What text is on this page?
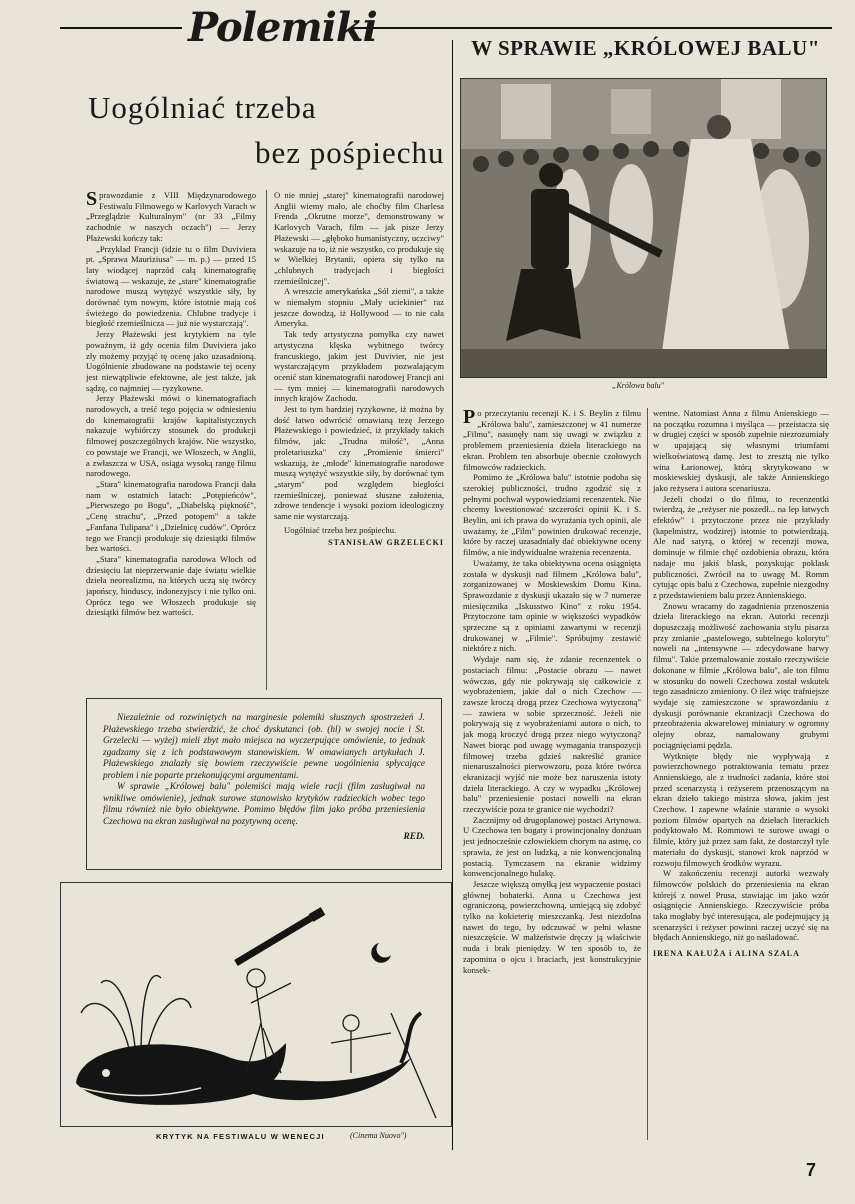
Polemiki	W SPRAWIE „KRÓLOWEJ BALU"
Uogólniać trzeba
bez pośpiechu

Sprawozdanie z VIII Międzynarodowego Festiwalu Filmowego w Karlovych Varach w „Przeglądzie Kulturalnym" (nr 33 „Filmy zachodnie w naszych oczach") — Jerzy Płażewski kończy tak:

„Przykład Francji (idzie tu o film Duviviera pt. „Sprawa Mauriziusa" — m. p.) — przed 15 laty wiodącej naprzód całą kinematografię światową — wskazuje, że „stare" kinematografie narodowe muszą wytężyć wszystkie siły, by dorównać tym nowym, które istotnie mają coś świeżego do powiedzenia. Chlubne tradycje i biegłość rzemieślnicza — już nie wystarczają".

Jerzy Płażewski jest krytykiem na tyle poważnym, iż gdy ocenia film Duviviera jako zły możemy przyjąć tę ocenę jako uzasadnioną. Uogólnienie zbudowane na podstawie tej oceny jest niewątpliwie efektowne, ale jest także, jak sądzę, co najmniej — ryzykowne.

Jerzy Płażewski mówi o kinematografiach narodowych, a treść tego pojęcia w odniesieniu do kinematografii krajów kapitalistycznych nakazuje wybiórczy stosunek do produkcji filmowej poszczególnych krajów. Nie wszystko, co powstaje we Francji, we Włoszech, w Anglii, a zwłaszcza w USA, osiąga wysoką rangę filmu narodowego.

„Stara" kinematografia narodowa Francji dała nam w ostatnich latach: „Potępieńców", „Pierwszego po Bogu", „Diabelską piękność", „Cenę strachu", „Przed potopem" a także „Fanfana Tulipana" i „Dzielnicę cudów". Oprócz tego we Francji produkuje się dziesiątki filmów bez wartości.

„Stara" kinematografia narodowa Włoch od dziesięciu lat nieprzerwanie daje światu wielkie dzieła neorealizmu, na których uczą się twórcy japońscy, hinduscy, indonezyjscy i nie tylko oni. Oprócz tego we Włoszech produkuje się dziesiątki filmów bez wartości.

O nie mniej „starej" kinematografii narodowej Anglii wiemy mało, ale choćby film Charlesa Frenda „Okrutne morze", demonstrowany w Karlovych Varach, film — jak pisze Jerzy Płażewski — „głęboko humanistyczny, uczciwy" wskazuje na to, iż nie wszystko, co produkuje się w Wielkiej Brytanii, opiera się tylko na „chlubnych tradycjach i biegłości rzemieślniczej".

A wreszcie amerykańska „Sól ziemi", a także w niemałym stopniu „Mały uciekinier" raz jeszcze dowodzą, iż Hollywood — to nie cała Ameryka.

Tak tedy artystyczna pomyłka czy nawet artystyczna klęska wybitnego twórcy francuskiego, jakim jest Duvivier, nie jest wystarczającym przykładem pozwalającym ocenić stan kinematografii narodowej Francji ani — tym mniej — kinematografii narodowych innych krajów Zachodu.

Jest to tym bardziej ryzykowne, iż można by dość łatwo odwrócić omawianą tezę Jerzego Płażewskiego i powiedzieć, iż przykłady takich filmów, jak: „Trudna miłość", „Anna proletariuszka" czy „Promienie śmierci" wskazują, że „młode" kinematografie narodowe muszą wytężyć wszystkie siły, by dorównać tym „starym" pod względem biegłości rzemieślniczej, ponieważ słuszne założenia, zdrowe tendencje i wysoki poziom ideologiczny same nie wystarczają.

Uogólniać trzeba bez pośpiechu.

STANISŁAW GRZELECKI
„Królowa balu"

Po przeczytaniu recenzji K. i S. Beylin z filmu „Królowa balu", zamieszczonej w 41 numerze „Filmu", nasunęły nam się uwagi w związku z problemem przeniesienia dzieła literackiego na ekran. Problem ten absorbuje obecnie czołowych filmowców radzieckich.

Pomimo że „Królowa balu" istotnie podoba się szerokiej publiczności, trudno zgodzić się z pełnymi pochwał wypowiedziami recenzentek. Nie chcemy kwestionować szczerości opinii K. i S. Beylin, ani ich prawa do wyrażania tych opinii, ale uważamy, że „Film" powinien drukować recenzje, które by raczej uzasadniały dać obiektywne oceny filmów, a nie indywidualne wrażenia recenzenta.

Uważamy, że taka obiektywna ocena osiągnięta została w dyskusji nad filmem „Królowa balu", zorganizowanej w Moskiewskim Domu Kina. Sprawozdanie z dyskusji ukazało się w 7 numerze miesięcznika „Iskusstwo Kino" z roku 1954. Przytoczone tam opinie w większości wypadków sprzeczne są z opiniami zawartymi w recenzji drukowanej w „Filmie". Spróbujmy zestawić niektóre z nich.

Wydaje nam się, że zdanie recenzentek o postaciach filmu: „Postacie obrazu — nawet wówczas, gdy nie pokrywają się całkowicie z wyobrażeniem, jakie dał o nich Czechow — zawsze kroczą drogą przez Czechowa wytyczoną" — zawiera w sobie sprzeczność. Jeżeli nie pokrywają się z wyobrażeniami autora o nich, to jak mogą kroczyć drogą przez niego wytyczoną? Nawet biorąc pod uwagę wymagania transpozycji filmowej trzeba gdzieś nakreślić granice nienaruszalności pierwowzoru, poza które twórca ekranizacji wyjść nie może bez naruszenia istoty dzieła literackiego. A czy w wypadku „Królowej balu" przeniesienie postaci nowelli na ekran rzeczywiście poza te granice nie wychodzi?

Zacznijmy od drugoplanowej postaci Artynowa. U Czechowa ten bogaty i prowincjonalny donżuan jest jednocześnie człowiekiem chorym na astmę, co sprawia, że jest on ludzką, a nie konwencjonalną postacią. Tymczasem na ekranie widzimy konwencjonalnego hulakę.

Jeszcze większą omyłką jest wypaczenie postaci głównej bohaterki. Anna u Czechowa jest ograniczoną, powierzchowną, umiejącą się zdobyć tylko na kokieterię mieszczanką. Jest niezdolna nawet do tego, by odczuwać w pełni własne nieszczęście. W małżeństwie dręczy ją właściwie nuda i brak pieniędzy. W ten sposób to, że zapomina o ojcu i braciach, jest konstrukcyjnie konsek-

wentne. Natomiast Anna z filmu Anienskiego — na początku rozumna i myśląca — przeistacza się w drugiej części w sposób zupełnie niezrozumiały w upajającą się własnymi triumfami wielkoświatową damę. Jest to zresztą nie tylko wina Łarionowej, którą skrytykowano w moskiewskiej dyskusji, ale także Annienskiego jako reżysera i autora scenariusza.

Jeżeli chodzi o tło filmu, to recenzentki twierdzą, że „reżyser nie poszedł... na lep łatwych efektów" i przytoczone przez nie przykłady (kapelmistrz, wodzirej) istotnie to potwierdzają. Ale nad satyrą, o której w recenzji mowa, dominuje w filmie chęć ozdobienia obrazu, która nadaje mu jakiś blask, pozyskując poklask publiczności. Zwrócił na to uwagę M. Romm cytując opis balu z Czechowa, zupełnie niezgodny z przedstawieniem balu przez Annienskiego.

Znowu wracamy do zagadnienia przenoszenia dzieła literackiego na ekran. Autorki recenzji dopuszczają możliwość zachowania stylu pisarza przy zmianie „pastelowego, subtelnego kolorytu" noweli na „intensywne — zdecydowane barwy filmu". Takie przemalowanie zostało rzeczywiście dokonane w filmie „Królowa balu", ale ton filmu w stosunku do noweli Czechowa został wskutek tego zasadniczo zmieniony. O ileż więc trafniejsze wydaje się zamieszczone w sprawozdaniu z dyskusji porównanie ekranizacji Czechowa do przeobrażenia akwarelowej miniatury w ogromny olejny obraz, namalowany grubymi pociągnięciami pędzla.

Wytknięte błędy nie wypływają z powierzchownego potraktowania tematu przez Annienskiego, ale z trudności zadania, które stoi przed scenarzystą i reżyserem przenoszącym na ekran dzieło takiego mistrza słowa, jakim jest Czechow. I zapewne właśnie staranie o wysoki poziom filmów opartych na dziełach literackich podyktowało M. Rommowi te surowe uwagi o filmie, który już przez sam fakt, że dostarczył tyle materiału do dyskusji, stanowi krok naprzód w rozwoju filmowych środków wyrazu.

W zakończeniu recenzji autorki wezwały filmowców polskich do przeniesienia na ekran którejś z nowel Prusa, stawiając im jako wzór osiągnięcie Annienskiego. Rzeczywiście próba taka mogłaby być interesująca, ale podejmujący ją scenarzyści i reżyser powinni raczej uczyć się na błędach Annienskiego, niż go naśladować.

IRENA KAŁUŻA i ALINA SZALA

Niezależnie od rozwiniętych na marginesie polemiki słusznych spostrzeżeń J. Płażewskiego trzeba stwierdzić, że choć dyskutanci (ob. (hl) w swojej nocie i St. Grzelecki — wyżej) mieli zbyt mało miejsca na wyczerpujące omówienie, to jednak zgadzamy się z ich podstawowym stanowiskiem. W omawianych artykułach J. Płażewskiego znalazły się bowiem rzeczywiście pewne uogólnienia spłycające problem i nie poparte przekonującymi argumentami.

W sprawie „Królowej balu" polemiści mają wiele racji (film zasługiwał na wnikliwe omówienie), jednak surowe stanowisko krytyków radzieckich wobec tego filmu również nie było obiektywne. Pomimo błędów film jako próba przeniesienia Czechowa na ekran zasługiwał na pozytywną ocenę.

RED.
KRYTYK NA FESTIWALU W WENECJI	(Cinema Nuovo")
7
